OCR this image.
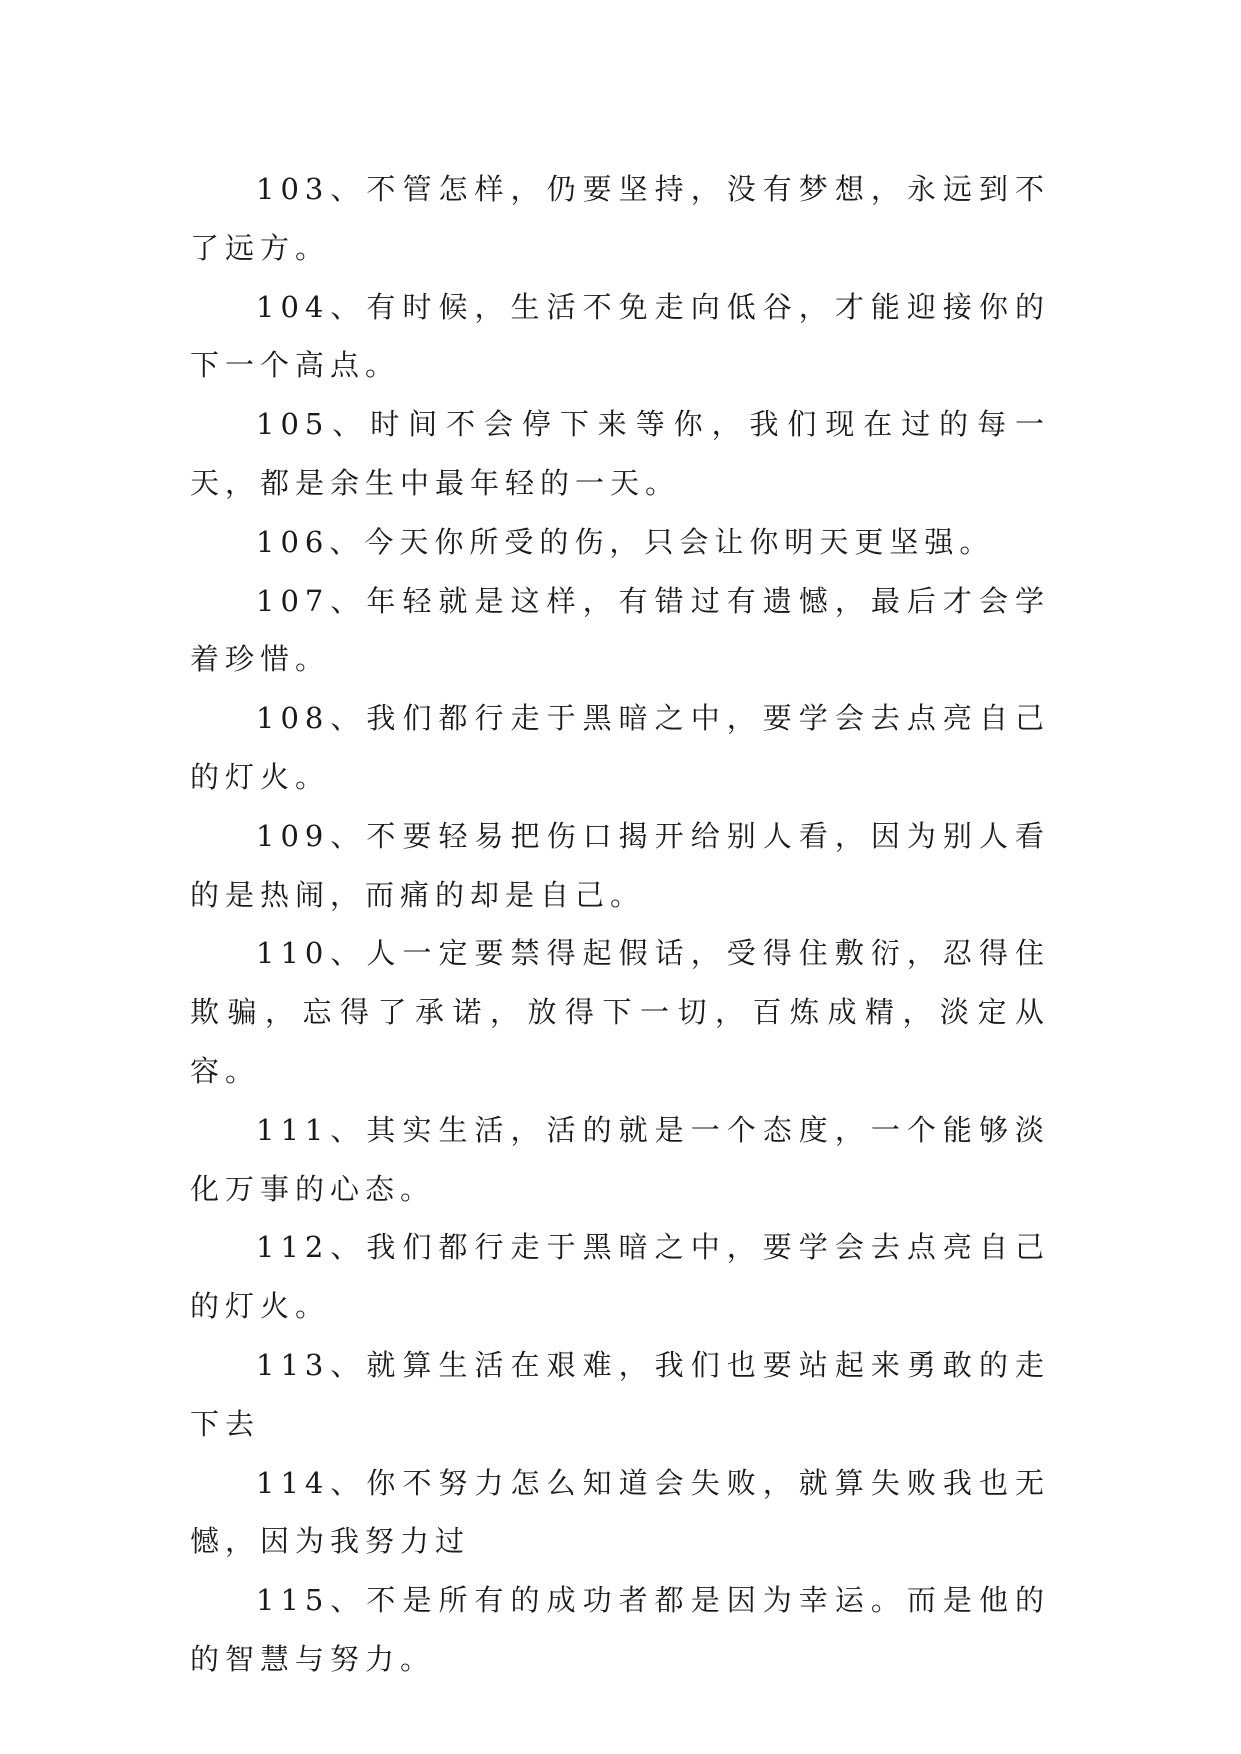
103、不管怎样，仍要坚持，没有梦想，永远到不了远方。

104、有时候，生活不免走向低谷，才能迎接你的下一个高点。

105、时间不会停下来等你，我们现在过的每一天，都是余生中最年轻的一天。

106、今天你所受的伤，只会让你明天更坚强。

107、年轻就是这样，有错过有遗憾，最后才会学着珍惜。

108、我们都行走于黑暗之中，要学会去点亮自己的灯火。

109、不要轻易把伤口揭开给别人看，因为别人看的是热闹，而痛的却是自己。

110、人一定要禁得起假话，受得住敷衍，忍得住欺骗，忘得了承诺，放得下一切，百炼成精，淡定从容。

111、其实生活，活的就是一个态度，一个能够淡化万事的心态。

112、我们都行走于黑暗之中，要学会去点亮自己的灯火。

113、就算生活在艰难，我们也要站起来勇敢的走下去

114、你不努力怎么知道会失败，就算失败我也无憾，因为我努力过

115、不是所有的成功者都是因为幸运。而是他的的智慧与努力。
